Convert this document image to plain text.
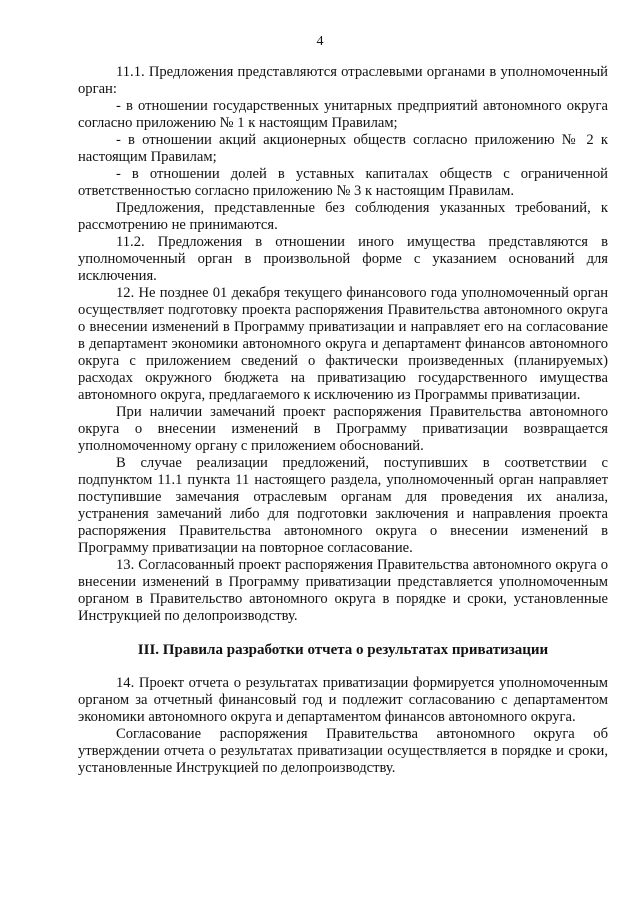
4

11.1. Предложения представляются отраслевыми органами в уполномоченный орган:

- в отношении государственных унитарных предприятий автономного округа согласно приложению № 1 к настоящим Правилам;

- в отношении акций акционерных обществ согласно приложению № 2 к настоящим Правилам;

- в отношении долей в уставных капиталах обществ с ограниченной ответственностью согласно приложению № 3 к настоящим Правилам.

Предложения, представленные без соблюдения указанных требований, к рассмотрению не принимаются.

11.2. Предложения в отношении иного имущества представляются в уполномоченный орган в произвольной форме с указанием оснований для исключения.

12. Не позднее 01 декабря текущего финансового года уполномоченный орган осуществляет подготовку проекта распоряжения Правительства автономного округа о внесении изменений в Программу приватизации и направляет его на согласование в департамент экономики автономного округа и департамент финансов автономного округа с приложением сведений о фактически произведенных (планируемых) расходах окружного бюджета на приватизацию государственного имущества автономного округа, предлагаемого к исключению из Программы приватизации.

При наличии замечаний проект распоряжения Правительства автономного округа о внесении изменений в Программу приватизации возвращается уполномоченному органу с приложением обоснований.

В случае реализации предложений, поступивших в соответствии с подпунктом 11.1 пункта 11 настоящего раздела, уполномоченный орган направляет поступившие замечания отраслевым органам для проведения их анализа, устранения замечаний либо для подготовки заключения и направления проекта распоряжения Правительства автономного округа о внесении изменений в Программу приватизации на повторное согласование.

13. Согласованный проект распоряжения Правительства автономного округа о внесении изменений в Программу приватизации представляется уполномоченным органом в Правительство автономного округа в порядке и сроки, установленные Инструкцией по делопроизводству.

III. Правила разработки отчета о результатах приватизации

14. Проект отчета о результатах приватизации формируется уполномоченным органом за отчетный финансовый год и подлежит согласованию с департаментом экономики автономного округа и департаментом финансов автономного округа.

Согласование распоряжения Правительства автономного округа об утверждении отчета о результатах приватизации осуществляется в порядке и сроки, установленные Инструкцией по делопроизводству.
